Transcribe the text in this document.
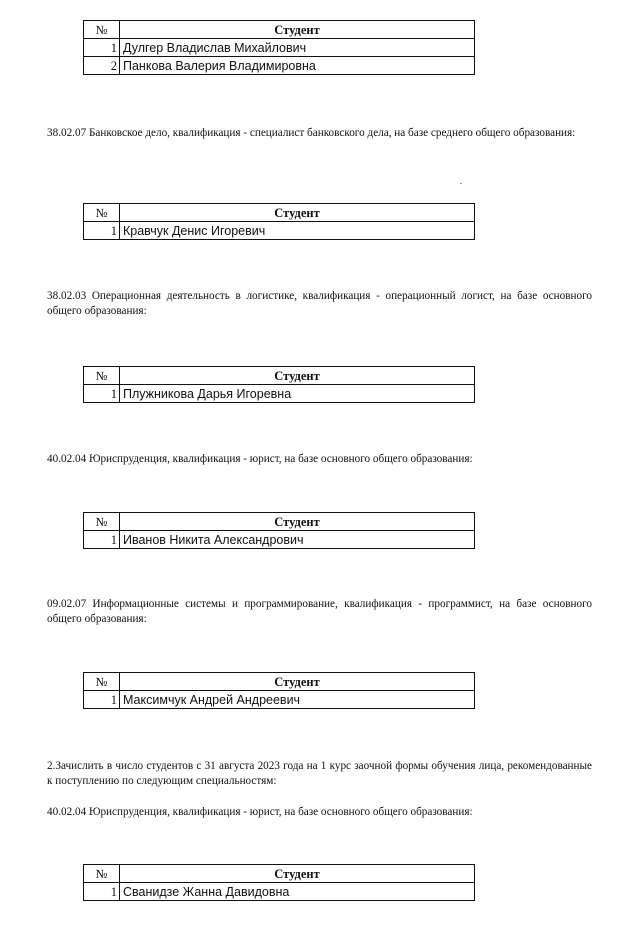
№	Студент
1	Дулгер Владислав Михайлович
2	Панкова Валерия Владимировна
38.02.07 Банковское дело, квалификация - специалист банковского дела, на базе среднего общего образования:
№	Студент
1	Кравчук Денис Игоревич
38.02.03 Операционная деятельность в логистике, квалификация - операционный логист, на базе основного общего образования:
№	Студент
1	Плужникова Дарья Игоревна
40.02.04 Юриспруденция, квалификация - юрист, на базе основного общего образования:
№	Студент
1	Иванов Никита Александрович
09.02.07 Информационные системы и программирование, квалификация - программист, на базе основного общего образования:
№	Студент
1	Максимчук Андрей Андреевич
2.Зачислить в число студентов с 31 августа 2023 года на 1 курс заочной формы обучения лица, рекомендованные к поступлению по следующим специальностям:
40.02.04 Юриспруденция, квалификация - юрист, на базе основного общего образования:
№	Студент
1	Сванидзе Жанна Давидовна
